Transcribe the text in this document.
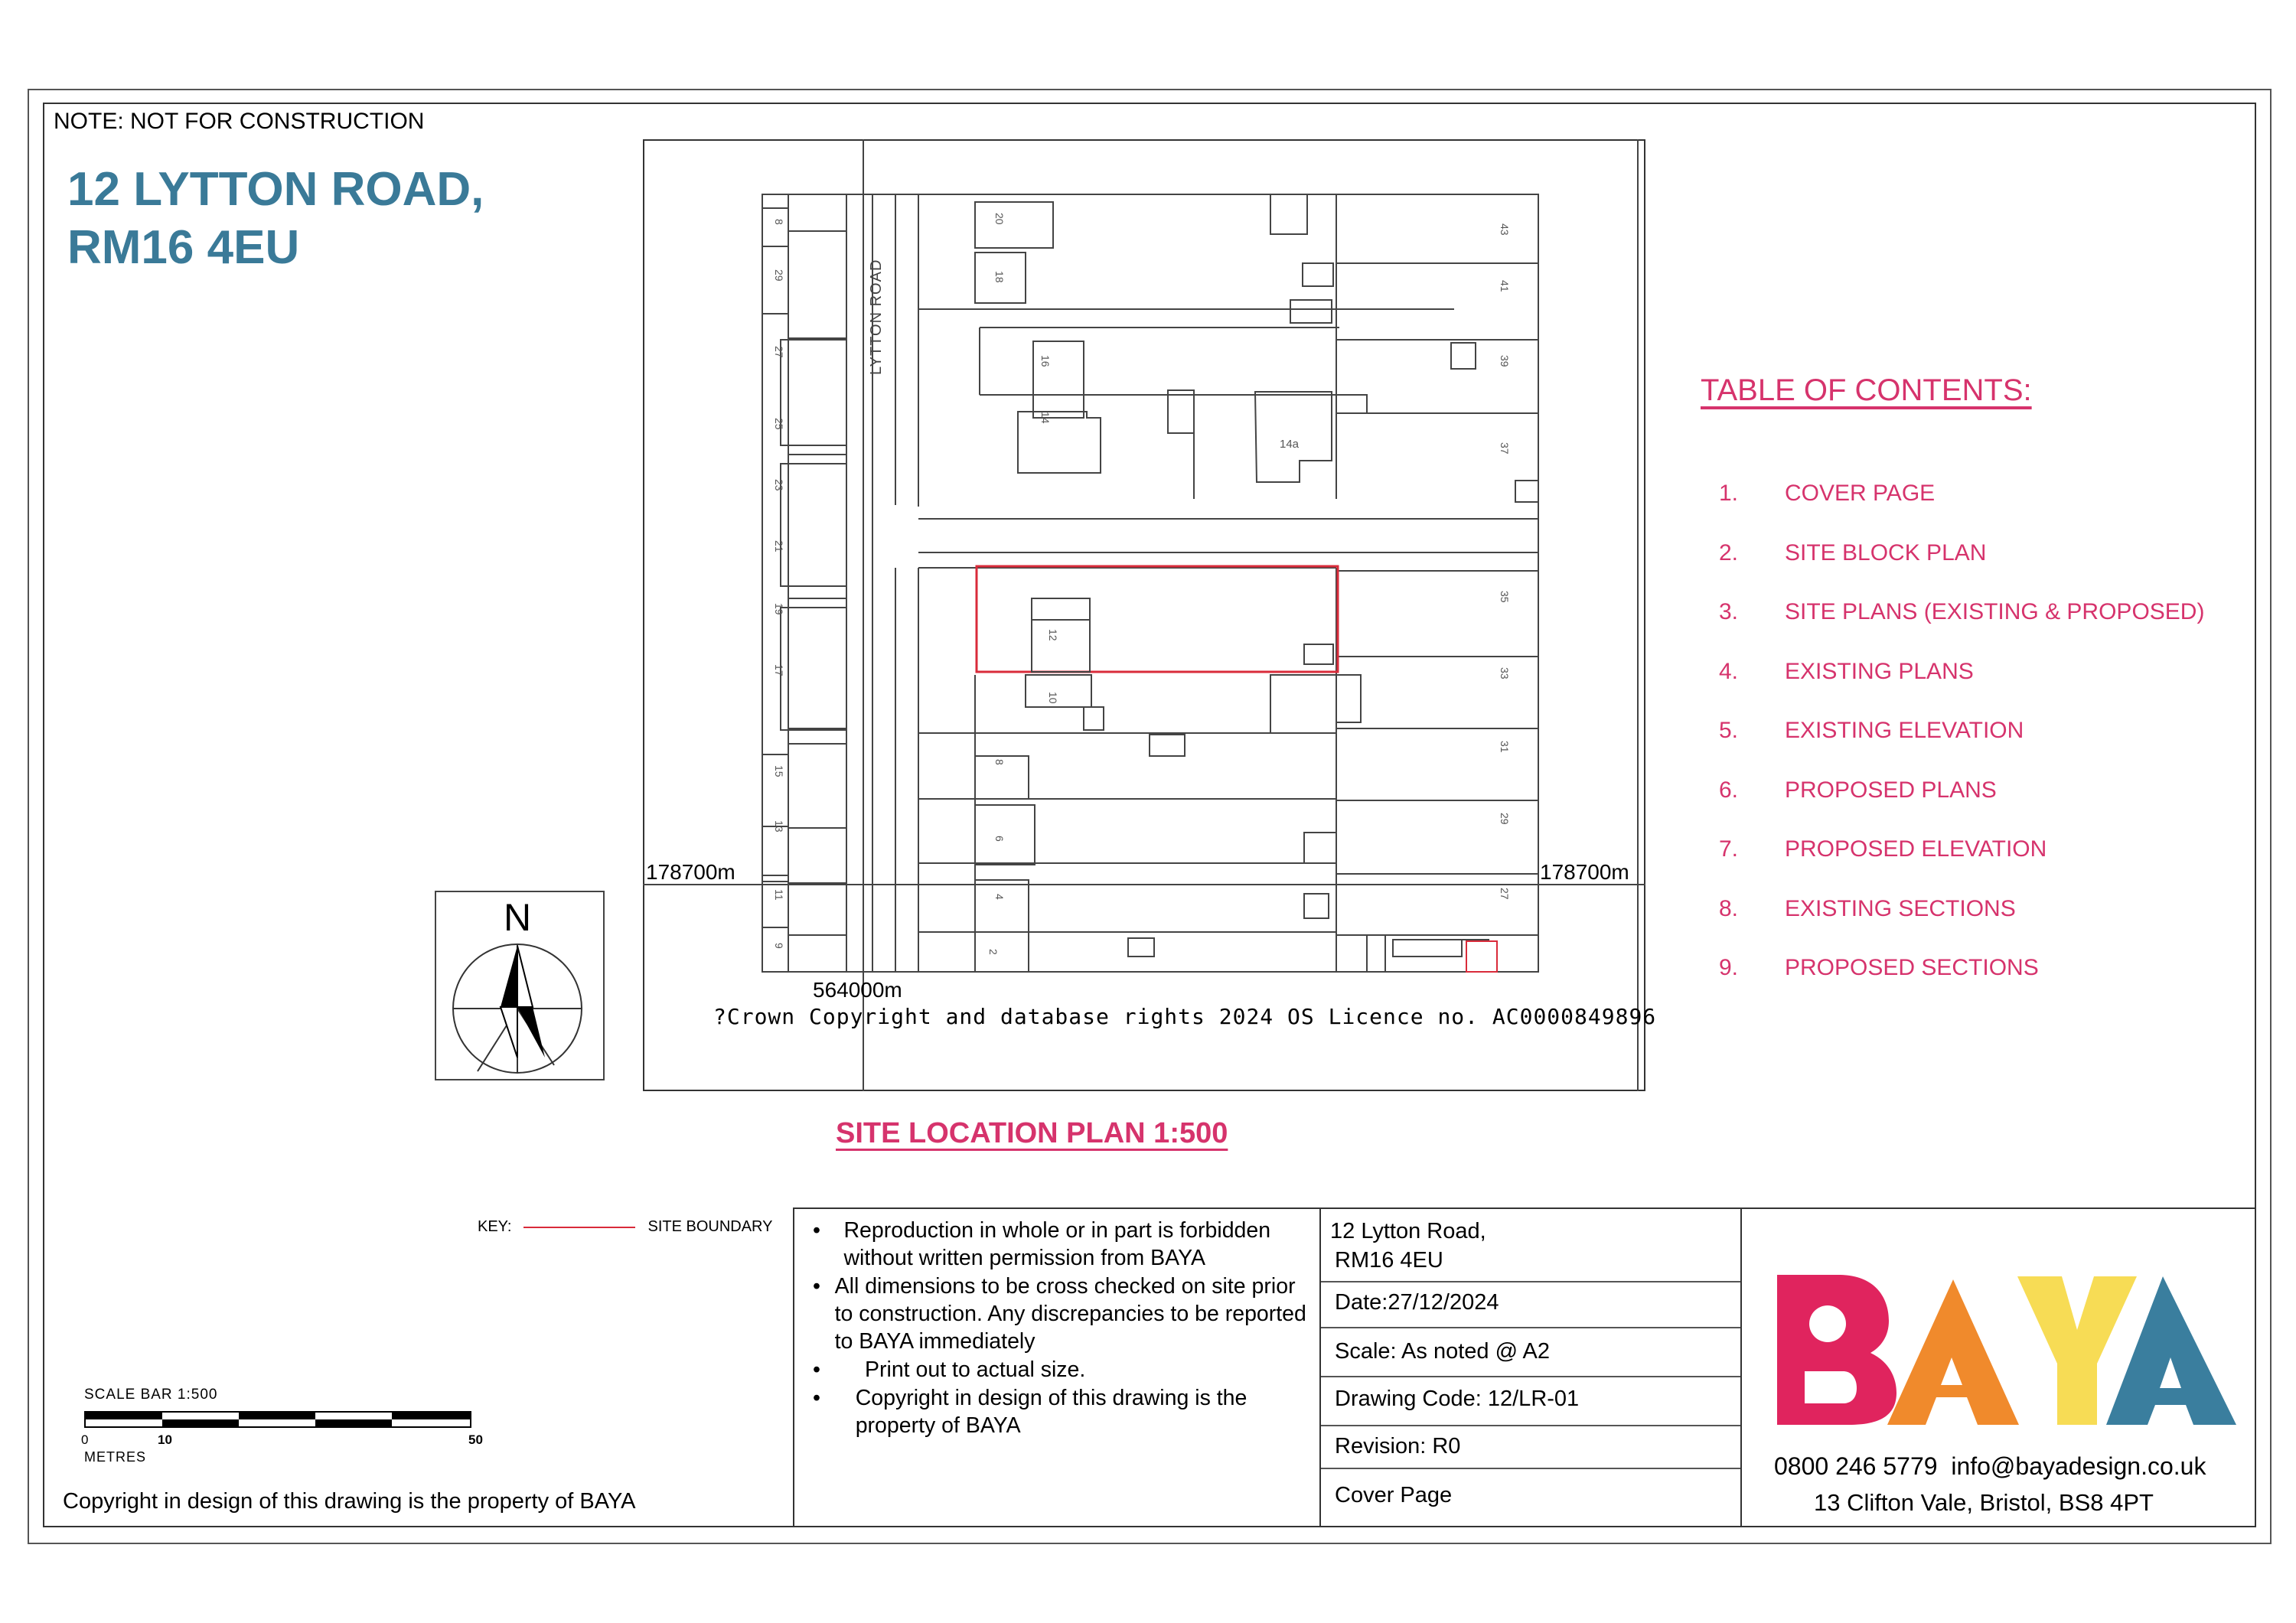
NOTE: NOT FOR CONSTRUCTION
12 LYTTON ROAD,
RM16 4EU
LYTTON ROAD
178700m	178700m
564000m
?Crown Copyright and database rights 2024 OS Licence no. AC0000849896
14a
N
SITE LOCATION PLAN 1:500
TABLE OF CONTENTS:
1.	COVER PAGE
2.	SITE BLOCK PLAN
3.	SITE PLANS (EXISTING & PROPOSED)
4.	EXISTING PLANS
5.	EXISTING ELEVATION
6.	PROPOSED PLANS
7.	PROPOSED ELEVATION
8.	EXISTING SECTIONS
9.	PROPOSED SECTIONS
KEY:	SITE BOUNDARY
SCALE BAR 1:500
0	10	50
METRES
Copyright in design of this drawing is the property of BAYA
•	Reproduction in whole or in part is forbidden without written permission from BAYA
• All dimensions to be cross checked on site prior to construction. Any discrepancies to be reported to BAYA immediately
•	Print out to actual size.
•	Copyright in design of this drawing is the property of BAYA
12 Lytton Road,
RM16 4EU
Date:27/12/2024
Scale: As noted @ A2
Drawing Code: 12/LR-01
Revision: R0
Cover Page
0800 246 5779 info@bayadesign.co.uk
13 Clifton Vale, Bristol, BS8 4PT
8
29
27
25
23
21
19
17
15
13
11
9
20
18
16
14
12
10
8
6
4
2
43
41
39
37
35
33
31
29
27
